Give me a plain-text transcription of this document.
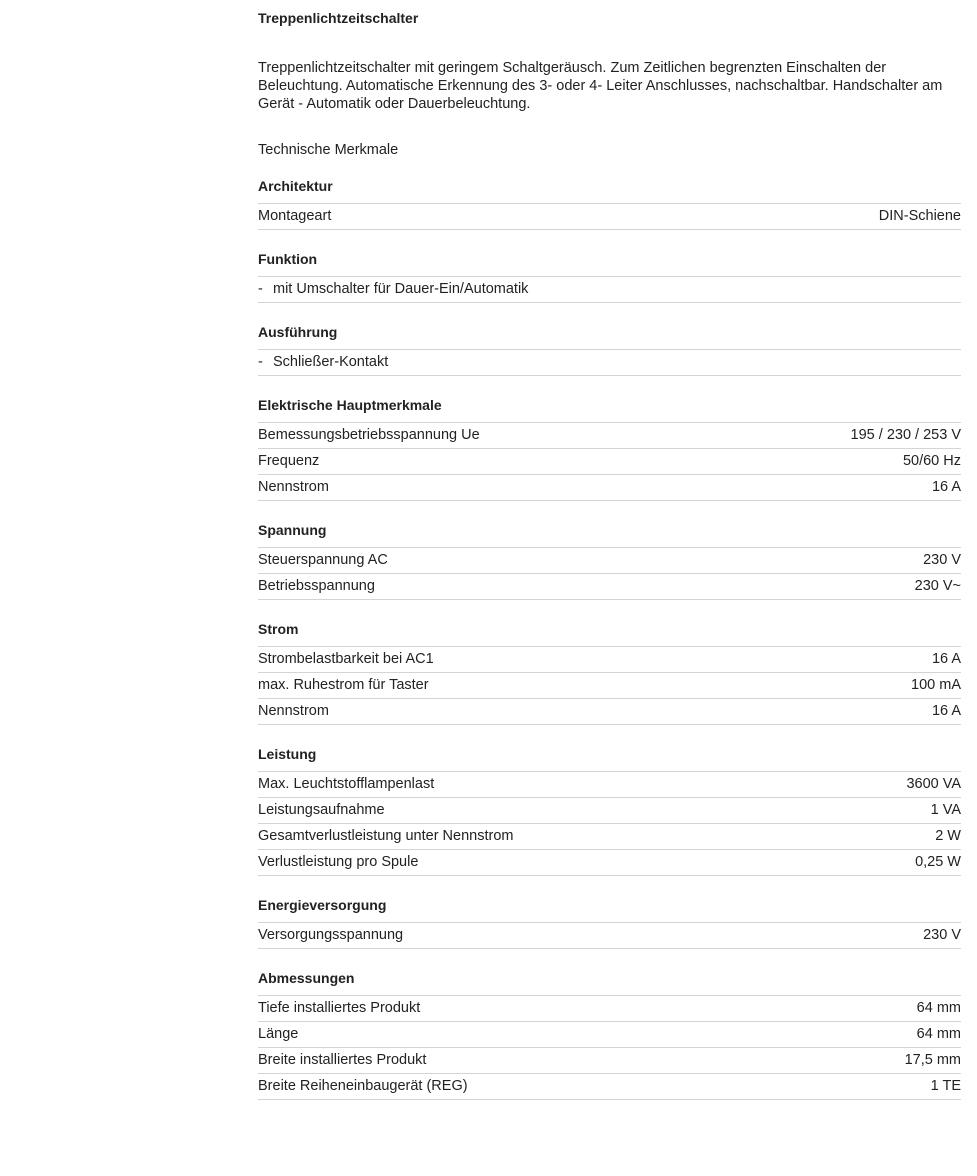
Treppenlichtzeitschalter
Treppenlichtzeitschalter mit geringem Schaltgeräusch. Zum Zeitlichen begrenzten Einschalten der Beleuchtung. Automatische Erkennung des 3- oder 4- Leiter Anschlusses, nachschaltbar. Handschalter am Gerät - Automatik oder Dauerbeleuchtung.
Technische Merkmale
Architektur
Montageart	DIN-Schiene
Funktion
- mit Umschalter für Dauer-Ein/Automatik
Ausführung
- Schließer-Kontakt
Elektrische Hauptmerkmale
Bemessungsbetriebsspannung Ue	195 / 230 / 253 V
Frequenz	50/60 Hz
Nennstrom	16 A
Spannung
Steuerspannung AC	230 V
Betriebsspannung	230 V~
Strom
Strombelastbarkeit bei AC1	16 A
max. Ruhestrom für Taster	100 mA
Nennstrom	16 A
Leistung
Max. Leuchtstofflampenlast	3600 VA
Leistungsaufnahme	1 VA
Gesamtverlustleistung unter Nennstrom	2 W
Verlustleistung pro Spule	0,25 W
Energieversorgung
Versorgungsspannung	230 V
Abmessungen
Tiefe installiertes Produkt	64 mm
Länge	64 mm
Breite installiertes Produkt	17,5 mm
Breite Reiheneinbaugerät (REG)	1 TE
